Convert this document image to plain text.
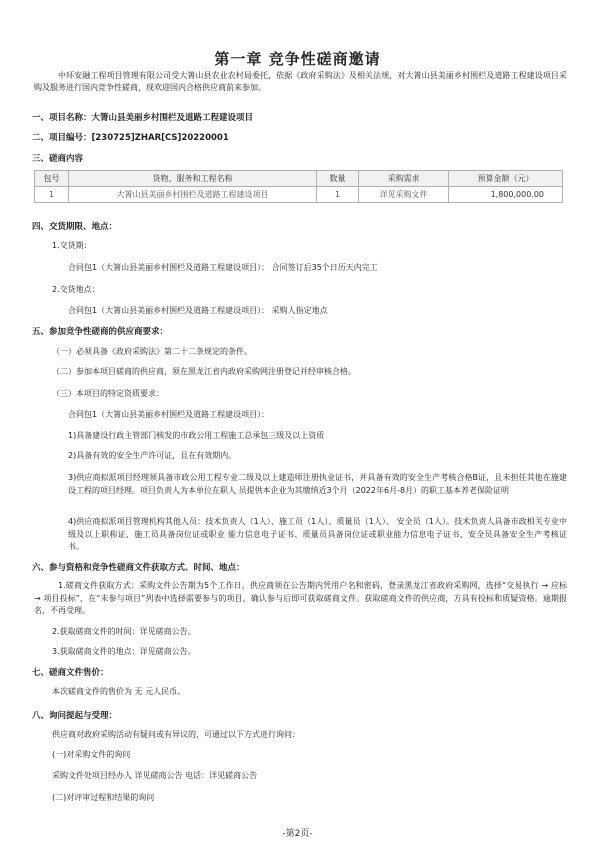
第一章 竞争性磋商邀请
中环安融工程项目管理有限公司受大箐山县农业农村局委托，依据《政府采购法》及相关法规，对大箐山县美丽乡村围栏及道路工程建设项目采购及服务进行国内竞争性磋商，现欢迎国内合格供应商前来参加。
一、项目名称：大箐山县美丽乡村围栏及道路工程建设项目
二、项目编号：[230725]ZHAR[CS]20220001
三、磋商内容
包号	货物、服务和工程名称	数量	采购需求	预算金额（元）
1	大箐山县美丽乡村围栏及道路工程建设项目	1	详见采购文件	1,800,000.00
四、交货期限、地点：
1.交货期：
合同包1（大箐山县美丽乡村围栏及道路工程建设项目）： 合同签订后35个日历天内完工
2.交货地点：
合同包1（大箐山县美丽乡村围栏及道路工程建设项目）： 采购人指定地点
五、参加竞争性磋商的供应商要求：
（一）必须具备《政府采购法》第二十二条规定的条件。
（二）参加本项目磋商的供应商，须在黑龙江省内政府采购网注册登记并经审核合格。
（三）本项目的特定资质要求：
合同包1（大箐山县美丽乡村围栏及道路工程建设项目）：
1)具备建设行政主管部门核发的市政公用工程施工总承包三级及以上资质
2)具备有效的安全生产许可证，且在有效期内。
3)供应商拟派项目经理须具备市政公用工程专业二级及以上建造师注册执业证书，并具备有效的安全生产考核合格B证，且未担任其他在施建设工程的项目经理。项目负责人为本单位在职人 员提供本企业为其缴纳近3个月（2022年6月-8月）的职工基本养老保险证明
4)供应商拟派项目管理机构其他人员：技术负责人（1人）、施工员（1人）、质量员（1人）、 安全员（1人）。技术负责人具备市政相关专业中级及以上职称证、施工员具备岗位证或职业 能力信息电子证书、质量员具备岗位证或职业能力信息电子证书、安全员具备安全生产考核证 书。
六、参与资格和竞争性磋商文件获取方式、时间、地点：
1.磋商文件获取方式：采购文件公告期为5个工作日，供应商须在公告期内凭用户名和密码，登录黑龙江省政府采购网，选择“交易执行 → 应标 → 项目投标”，在“未参与项目”列表中选择需要参与的项目，确认参与后即可获取磋商文件。获取磋商文件的供应商，方具有投标和质疑资格。逾期报名，不再受理。
2.获取磋商文件的时间：详见磋商公告。
3.获取磋商文件的地点：详见磋商公告。
七、磋商文件售价：
本次磋商文件的售价为 无 元人民币。
八、询问提起与受理：
供应商对政府采购活动有疑问或有异议的，可通过以下方式进行询问：
(一)对采购文件的询问
采购文件处项目经办人 详见磋商公告 电话：详见磋商公告
(二)对评审过程和结果的询问
-第2页-
